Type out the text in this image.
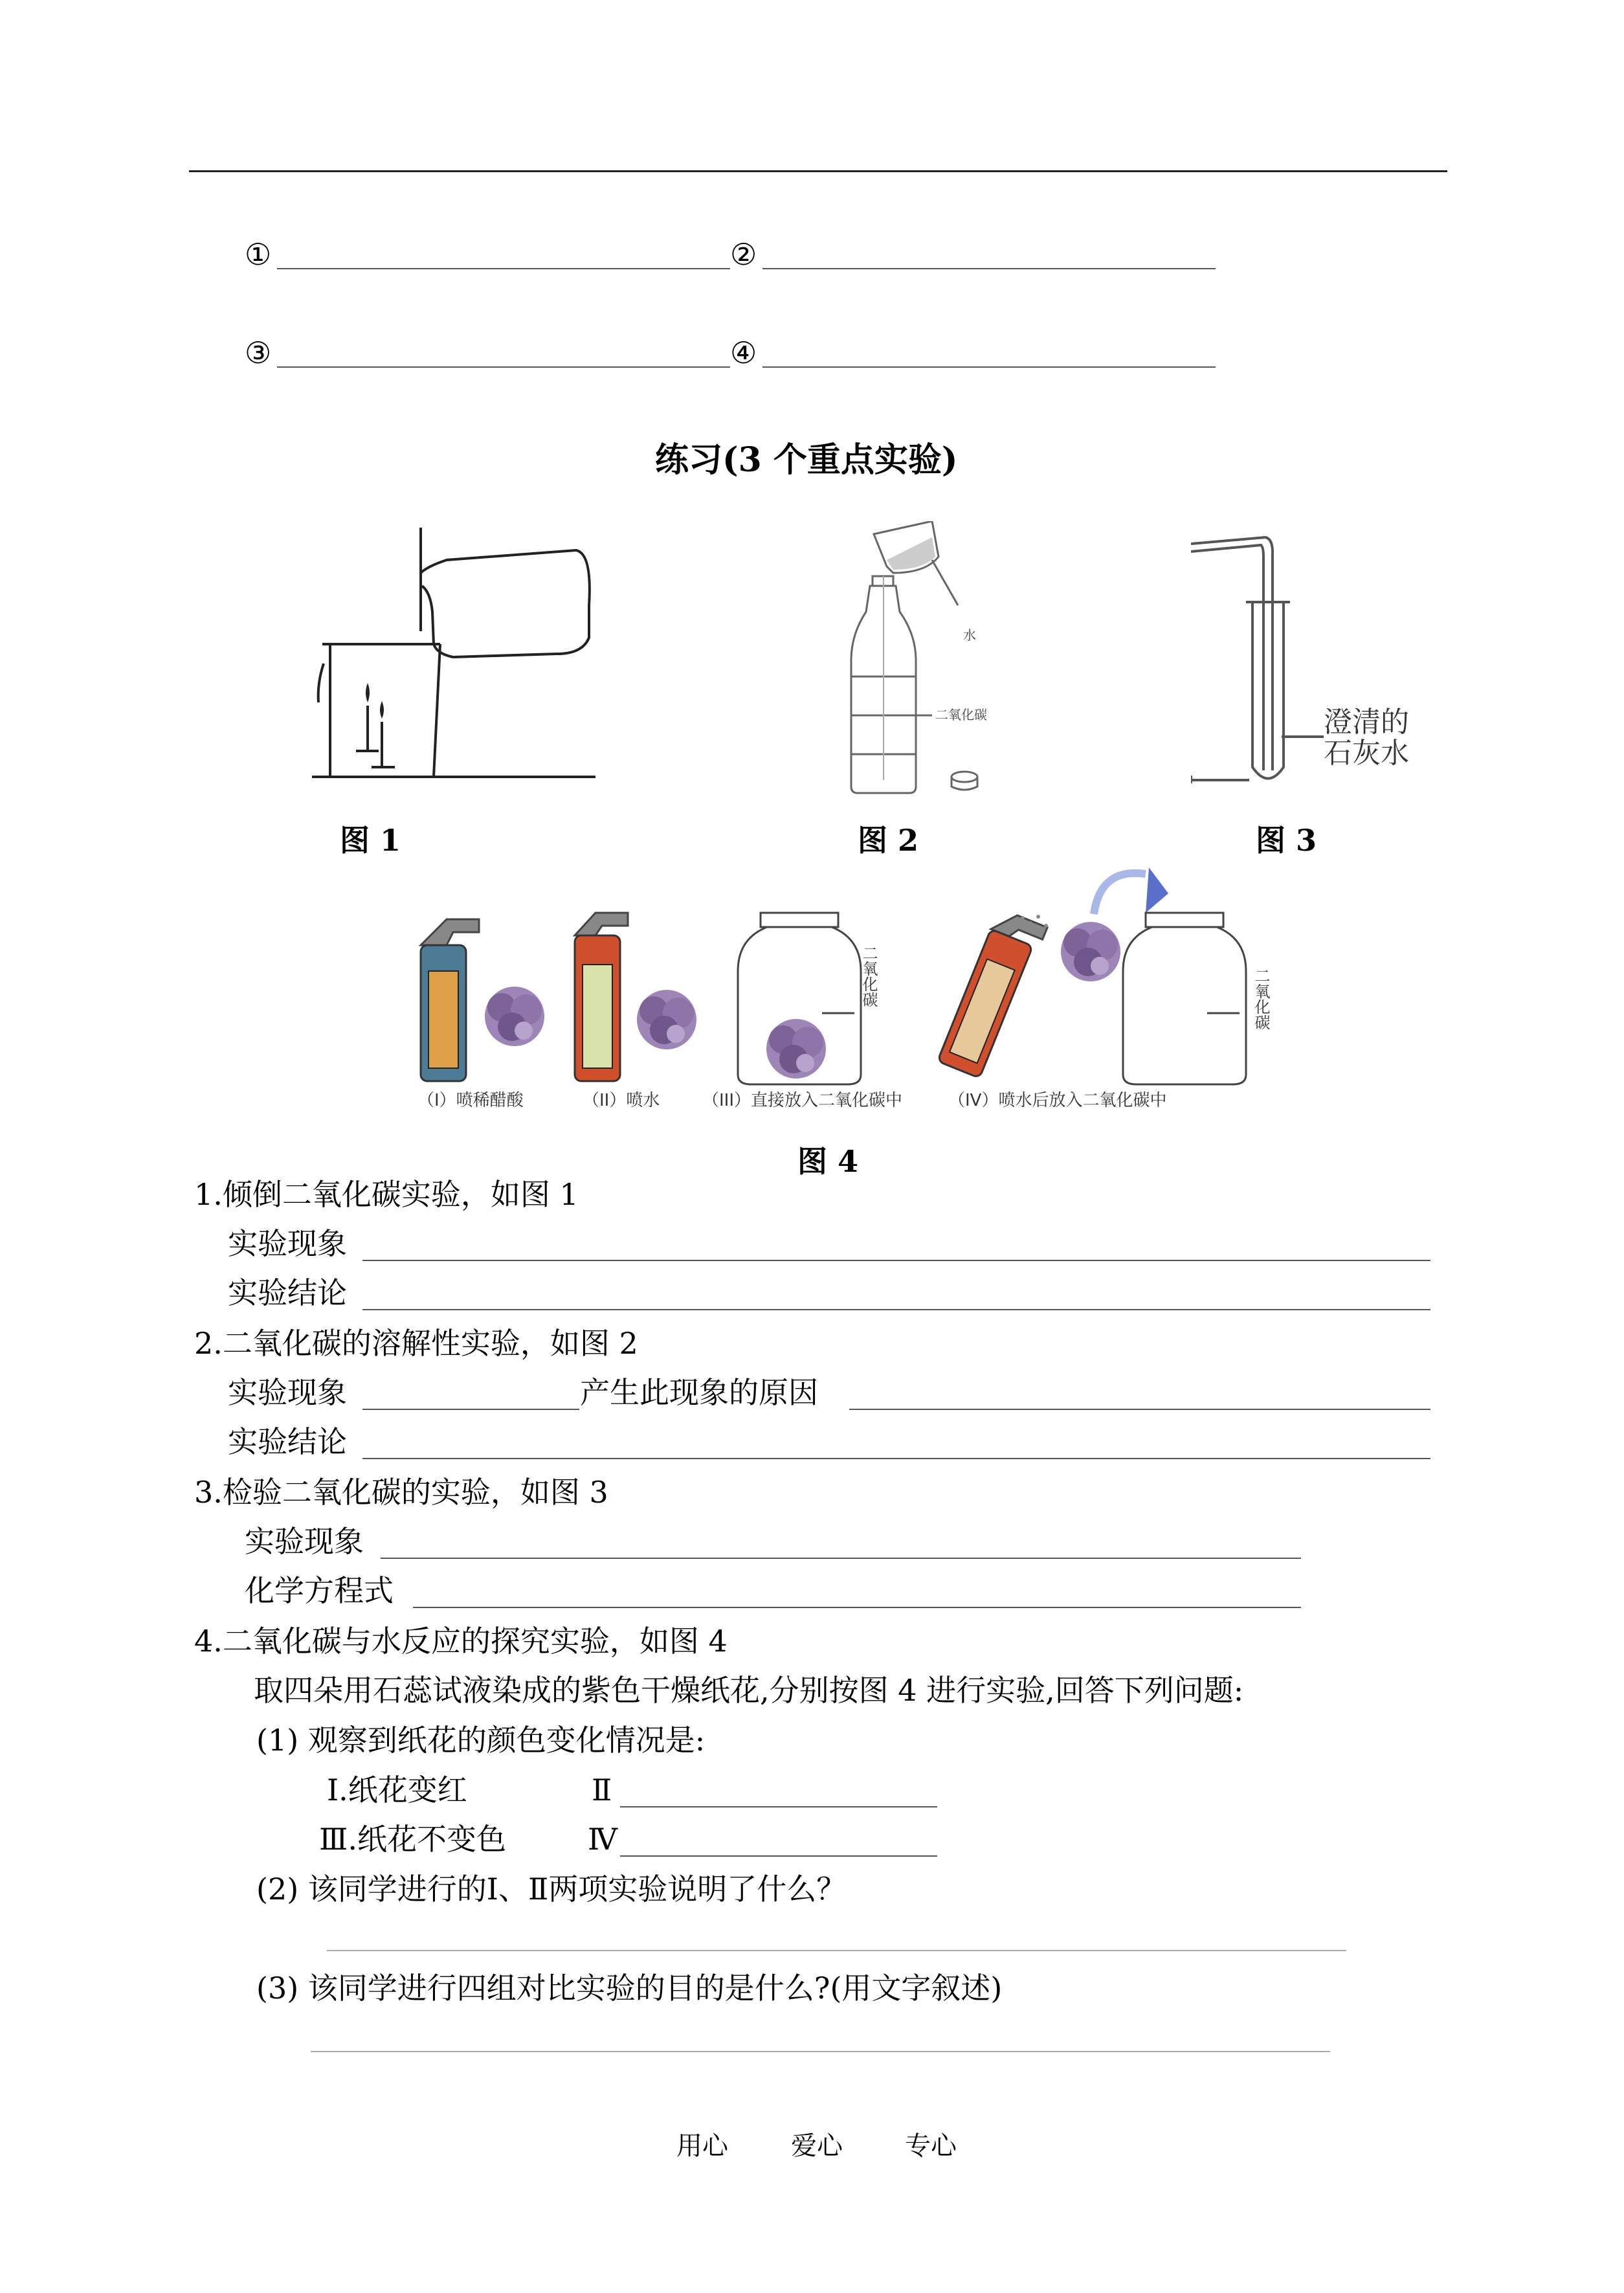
①	②
③	④
练习(3 个重点实验)
图 1
水
二氧化碳
图 2
澄清的
石灰水
图 3
二氧化碳	二氧化碳
（I）喷稀醋酸	（II）喷水	（III）直接放入二氧化碳中	（IV）喷水后放入二氧化碳中
图 4
1.倾倒二氧化碳实验，如图 1
实验现象
实验结论
2.二氧化碳的溶解性实验，如图 2
实验现象	产生此现象的原因
实验结论
3.检验二氧化碳的实验，如图 3
实验现象
化学方程式
4.二氧化碳与水反应的探究实验，如图 4
取四朵用石蕊试液染成的紫色干燥纸花,分别按图 4 进行实验,回答下列问题:
(1) 观察到纸花的颜色变化情况是:
Ⅰ.纸花变红	Ⅱ
Ⅲ.纸花不变色	Ⅳ
(2) 该同学进行的Ⅰ、Ⅱ两项实验说明了什么？
(3) 该同学进行四组对比实验的目的是什么?(用文字叙述)
用心 爱心 专心
